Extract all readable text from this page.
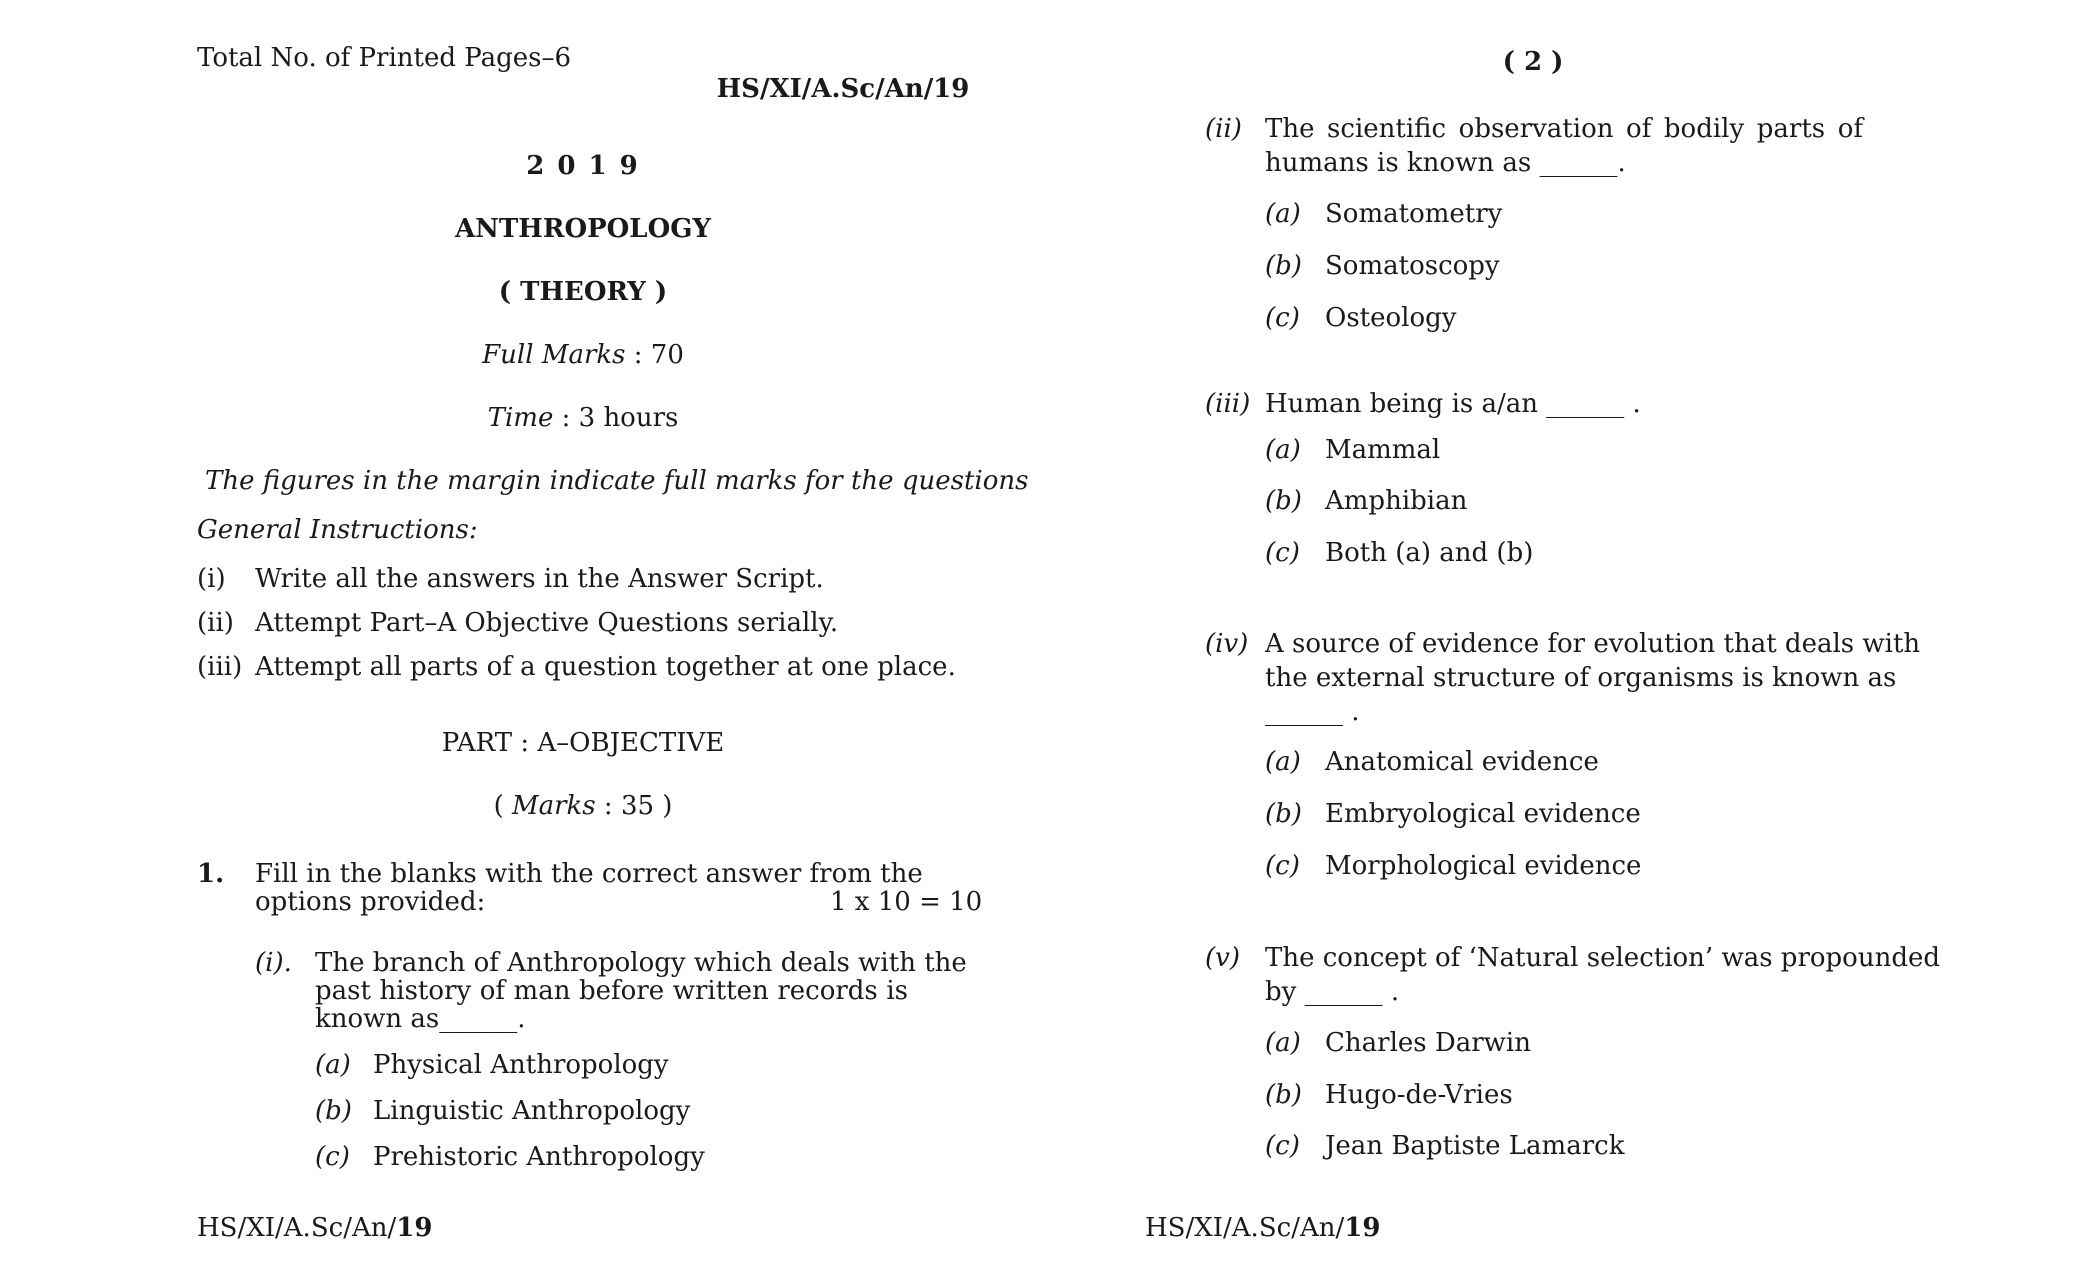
Total No. of Printed Pages–6
HS/XI/A.Sc/An/19
2 0 1 9
ANTHROPOLOGY
( THEORY )
Full Marks : 70
Time : 3 hours
The figures in the margin indicate full marks for the questions
General Instructions:
(i) Write all the answers in the Answer Script.
(ii) Attempt Part–A Objective Questions serially.
(iii) Attempt all parts of a question together at one place.
PART : A–OBJECTIVE
( Marks : 35 )
1. Fill in the blanks with the correct answer from the
options provided:	1 x 10 = 10
(i). The branch of Anthropology which deals with the
past history of man before written records is
known as______.
(a) Physical Anthropology
(b) Linguistic Anthropology
(c) Prehistoric Anthropology
HS/XI/A.Sc/An/19
( 2 )
(ii) The scientific observation of bodily parts of
humans is known as ______.
(a) Somatometry
(b) Somatoscopy
(c) Osteology
(iii) Human being is a/an ______ .
(a) Mammal
(b) Amphibian
(c) Both (a) and (b)
(iv) A source of evidence for evolution that deals with
the external structure of organisms is known as
______ .
(a) Anatomical evidence
(b) Embryological evidence
(c) Morphological evidence
(v) The concept of ‘Natural selection’ was propounded
by ______ .
(a) Charles Darwin
(b) Hugo-de-Vries
(c) Jean Baptiste Lamarck
HS/XI/A.Sc/An/19
